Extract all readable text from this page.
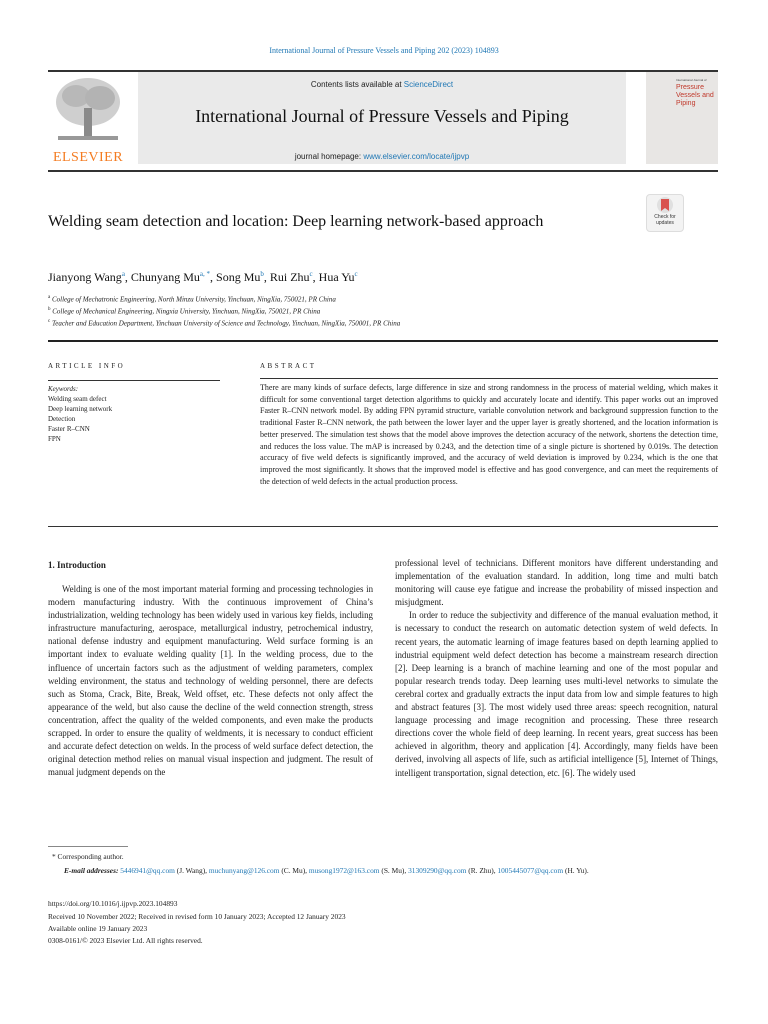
International Journal of Pressure Vessels and Piping 202 (2023) 104893
ELSEVIER
Contents lists available at ScienceDirect
International Journal of Pressure Vessels and Piping
journal homepage: www.elsevier.com/locate/ijpvp
International Journal of
Pressure Vessels and Piping
Welding seam detection and location: Deep learning network-based approach	Check for updates
Jianyong Wang$^a$, Chunyang $Mu^{a, *}$, Song Mu$^b$, Rui Zhu$^c$, Hua Yu$^c$
$^a$ College of Mechatronic Engineering, North Minzu University, Yinchuan, NingXia, 750021, PR China
$^b$ College of Mechanical Engineering, Ningxia University, Yinchuan, NingXia, 750021, PR China
$^c$ Teacher and Education Department, Yinchuan University of Science and Technology, Yinchuan, NingXia, 750001, PR China
ARTICLE INFO	ABSTRACT
Keywords:
Welding seam defect
Deep learning network
Detection
Faster R–CNN
FPN
There are many kinds of surface defects, large difference in size and strong randomness in the process of material welding, which makes it difficult for some conventional target detection algorithms to quickly and accurately locate and identify. This paper works out an improved Faster R–CNN network model. By adding FPN pyramid structure, variable convolution network and background suppression function to the traditional Faster R–CNN network, the path between the lower layer and the upper layer is greatly shortened, and the location information is better preserved. The simulation test shows that the model above improves the detection accuracy of the network, shortens the detection time, and reduces the loss value. The mAP is increased by 0.243, and the detection time of a single picture is shortened by 0.019s. The detection accuracy of five weld defects is significantly improved, and the accuracy of weld deviation is improved by 0.234, which is the one that improved the most significantly. It shows that the improved model is effective and has good convergence, and can meet the requirements of the detection of weld defects in the actual production process.
1. Introduction

Welding is one of the most important material forming and processing technologies in modern manufacturing industry. With the continuous improvement of China’s industrialization, welding technology has been widely used in various key fields, including infrastructure manufacturing, aerospace, metallurgical industry, petrochemical industry, national defense industry and equipment manufacturing. Weld surface forming is an important index to evaluate welding quality [1]. In the welding process, due to the influence of uncertain factors such as the adjustment of welding parameters, complex welding environment, the status and technology of welding personnel, there are defects such as Stoma, Crack, Bite, Break, Weld offset, etc. These defects not only affect the appearance of the weld, but also cause the decline of the weld connection strength, stress concentration, affect the quality of the welded components, and even make the products scrapped. In order to ensure the quality of weldments, it is necessary to conduct efficient and accurate defect detection on welds. In the process of weld surface defect detection, the original detection method relies on manual visual inspection and judgment. The result of manual judgment depends on the

professional level of technicians. Different monitors have different understanding and implementation of the evaluation standard. In addition, long time and multi batch monitoring will cause eye fatigue and increase the probability of missed inspection and misjudgment.

In order to reduce the subjectivity and difference of the manual evaluation method, it is necessary to conduct the research on automatic detection system of weld defects. In recent years, the automatic learning of image features based on depth learning applied to industrial equipment weld defect detection has become a mainstream research direction [2]. Deep learning is a branch of machine learning and one of the most popular and popular research trends today. Deep learning uses multi-level networks to simulate the cerebral cortex and gradually extracts the input data from low and simple features to high and abstract features [3]. The most widely used three areas: speech recognition, natural language processing and image recognition and processing. These three research directions cover the whole field of deep learning. In recent years, great success has been achieved in algorithm, theory and application [4]. Accordingly, many fields have been derived, involving all aspects of life, such as artificial intelligence [5], Internet of Things, intelligent transportation, signal detection, etc. [6]. The widely used

* Corresponding author.
E-mail addresses: 5446941@qq.com (J. Wang), muchunyang@126.com (C. Mu), musong1972@163.com (S. Mu), 31309290@qq.com (R. Zhu), 1005445077@qq.com (H. Yu).
https://doi.org/10.1016/j.ijpvp.2023.104893
Received 10 November 2022; Received in revised form 10 January 2023; Accepted 12 January 2023
Available online 19 January 2023
0308-0161/© 2023 Elsevier Ltd. All rights reserved.
